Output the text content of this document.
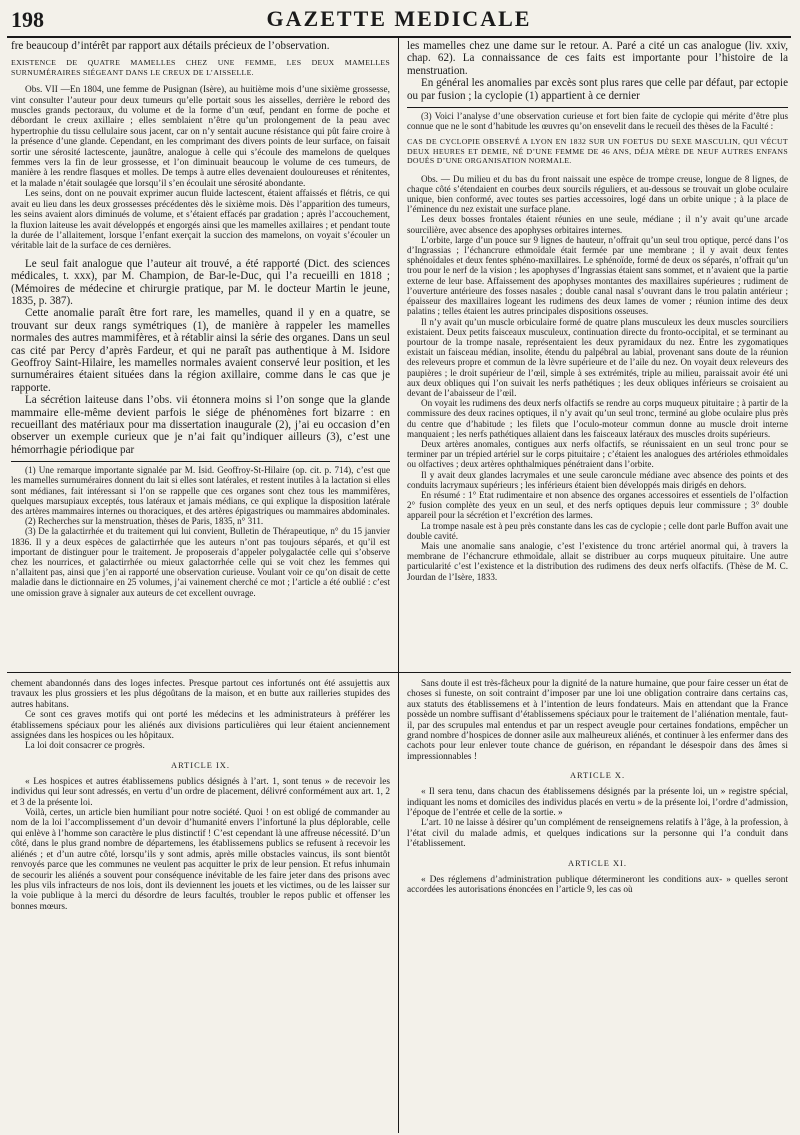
198	GAZETTE MEDICALE

fre beaucoup d’intérêt par rapport aux détails précieux de l’observation.

EXISTENCE DE QUATRE MAMELLES CHEZ UNE FEMME, LES DEUX MAMELLES SURNUMÉRAIRES SIÉGEANT DANS LE CREUX DE L’AISSELLE.

Obs. VII —En 1804, une femme de Pusignan (Isère), au huitième mois d’une sixième grossesse, vint consulter l’auteur pour deux tumeurs qu’elle portait sous les aisselles, derrière le rebord des muscles grands pectoraux, du volume et de la forme d’un œuf, pendant en forme de poche et débordant le creux axillaire ; elles semblaient n’être qu’un prolongement de la peau avec hypertrophie du tissu cellulaire sous jacent, car on n’y sentait aucune résistance qui pût faire croire à la présence d’une glande. Cependant, en les comprimant des divers points de leur surface, on faisait sortir une sérosité lactescente, jaunâtre, analogue à celle qui s’écoule des mamelons de quelques femmes vers la fin de leur grossesse, et l’on diminuait beaucoup le volume de ces tumeurs, de manière à les rendre flasques et molles. De temps à autre elles devenaient douloureuses et rénitentes, et la malade n’était soulagée que lorsqu’il s’en écoulait une sérosité abondante.

Les seins, dont on ne pouvait exprimer aucun fluide lactescent, étaient affaissés et flétris, ce qui avait eu lieu dans les deux grossesses précédentes dès le sixième mois. Dès l’apparition des tumeurs, les seins avaient alors diminués de volume, et s’étaient effacés par gradation ; après l’accouchement, la fluxion laiteuse les avait développés et engorgés ainsi que les mamelles axillaires ; et pendant toute la durée de l’allaitement, lorsque l’enfant exerçait la succion des mamelons, on voyait s’écouler un véritable lait de la surface de ces dernières.

Le seul fait analogue que l’auteur ait trouvé, a été rapporté (Dict. des sciences médicales, t. xxx), par M. Champion, de Bar-le-Duc, qui l’a recueilli en 1818 ; (Mémoires de médecine et chirurgie pratique, par M. le docteur Martin le jeune, 1835, p. 387).

Cette anomalie paraît être fort rare, les mamelles, quand il y en a quatre, se trouvant sur deux rangs symétriques (1), de manière à rappeler les mamelles normales des autres mammifères, et à rétablir ainsi la série des organes. Dans un seul cas cité par Percy d’après Fardeur, et qui ne paraît pas authentique à M. Isidore Geoffroy Saint-Hilaire, les mamelles normales avaient conservé leur position, et les surnuméraires étaient situées dans la région axillaire, comme dans le cas que je rapporte.

La sécrétion laiteuse dans l’obs. vii étonnera moins si l’on songe que la glande mammaire elle-même devient parfois le siége de phénomènes fort bizarre : en recueillant des matériaux pour ma dissertation inaugurale (2), j’ai eu occasion d’en observer un exemple curieux que je n’ai fait qu’indiquer ailleurs (3), c’est une hémorrhagie périodique par

(1) Une remarque importante signalée par M. Isid. Geoffroy-St-Hilaire (op. cit. p. 714), c’est que les mamelles surnuméraires donnent du lait si elles sont latérales, et restent inutiles à la lactation si elles sont médianes, fait intéressant si l’on se rappelle que ces organes sont chez tous les mammifères, quelques marsupiaux exceptés, tous latéraux et jamais médians, ce qui explique la disposition latérale des artères mammaires internes ou thoraciques, et des artères épigastriques ou mammaires abdominales.

(2) Recherches sur la menstruation, thèses de Paris, 1835, n° 311.

(3) De la galactirrhée et du traitement qui lui convient, Bulletin de Thérapeutique, n° du 15 janvier 1836. Il y a deux espèces de galactirrhée que les auteurs n’ont pas toujours séparés, et qu’il est important de distinguer pour le traitement. Je proposerais d’appeler polygalactée celle qui s’observe chez les nourrices, et galactirrhée ou mieux galactorrhée celle qui se voit chez les femmes qui n’allaitent pas, ainsi que j’en ai rapporté une observation curieuse. Voulant voir ce qu’on disait de cette maladie dans le dictionnaire en 25 volumes, j’ai vainement cherché ce mot ; l’article a été oublié : c’est une omission grave à signaler aux auteurs de cet excellent ouvrage.

les mamelles chez une dame sur le retour. A. Paré a cité un cas analogue (liv. xxiv, chap. 62). La connaissance de ces faits est importante pour l’histoire de la menstruation.

En général les anomalies par excès sont plus rares que celle par défaut, par ectopie ou par fusion ; la cyclopie (1) appartient à ce dernier

(3) Voici l’analyse d’une observation curieuse et fort bien faite de cyclopie qui mérite d’être plus connue que ne le sont d’habitude les œuvres qu’on ensevelit dans le recueil des thèses de la Faculté :

CAS DE CYCLOPIE OBSERVÉ A LYON EN 1832 SUR UN FOETUS DU SEXE MASCULIN, QUI VÉCUT DEUX HEURES ET DEMIE, NÉ D’UNE FEMME DE 46 ANS, DÉJA MÈRE DE NEUF AUTRES ENFANS DOUÉS D’UNE ORGANISATION NORMALE.

Obs. — Du milieu et du bas du front naissait une espèce de trompe creuse, longue de 8 lignes, de chaque côté s’étendaient en courbes deux sourcils réguliers, et au-dessous se trouvait un globe oculaire unique, bien conformé, avec toutes ses parties accessoires, logé dans un orbite unique ; à la place de l’éminence du nez existait une surface plane.

Les deux bosses frontales étaient réunies en une seule, médiane ; il n’y avait qu’une arcade sourcilière, avec absence des apophyses orbitaires internes.

L’orbite, large d’un pouce sur 9 lignes de hauteur, n’offrait qu’un seul trou optique, percé dans l’os d’Ingrassias ; l’échancrure ethmoïdale était fermée par une membrane ; il y avait deux fentes sphénoïdales et deux fentes sphéno-maxillaires. Le sphénoïde, formé de deux os séparés, n’offrait qu’un trou pour le nerf de la vision ; les apophyses d’Ingrassias étaient sans sommet, et n’avaient que la partie externe de leur base. Affaissement des apophyses montantes des maxillaires supérieures ; rudiment de l’ouverture antérieure des fosses nasales ; double canal nasal s’ouvrant dans le trou palatin antérieur ; épaisseur des maxillaires logeant les rudimens des deux lames de vomer ; réunion intime des deux palatins ; telles étaient les autres principales dispositions osseuses.

Il n’y avait qu’un muscle orbiculaire formé de quatre plans musculeux les deux muscles sourciliers existaient. Deux petits faisceaux musculeux, continuation directe du fronto-occipital, et se terminant au pourtour de la trompe nasale, représentaient les deux pyramidaux du nez. Entre les zygomatiques existait un faisceau médian, insolite, étendu du palpébral au labial, provenant sans doute de la réunion des releveurs propre et commun de la lèvre supérieure et de l’aile du nez. On voyait deux releveurs des paupières ; le droit supérieur de l’œil, simple à ses extrémités, triple au milieu, paraissait avoir été uni aux deux obliques qui l’on suivait les nerfs pathétiques ; les deux obliques inférieurs se croisaient au devant de l’abaisseur de l’œil.

On voyait les rudimens des deux nerfs olfactifs se rendre au corps muqueux pituitaire ; à partir de la commissure des deux racines optiques, il n’y avait qu’un seul tronc, terminé au globe oculaire plus près du centre que d’habitude ; les filets que l’oculo-moteur commun donne au muscle droit interne manquaient ; les nerfs pathétiques allaient dans les faisceaux latéraux des muscles droits supérieurs.

Deux artères anomales, contigues aux nerfs olfactifs, se réunissaient en un seul tronc pour se terminer par un trépied artériel sur le corps pituitaire ; c’étaient les analogues des artérioles ethmoïdales ou olfactives ; deux artères ophthalmiques pénétraient dans l’orbite.

Il y avait deux glandes lacrymales et une seule caroncule médiane avec absence des points et des conduits lacrymaux supérieurs ; les inférieurs étaient bien développés mais dirigés en dehors.

En résumé : 1° Etat rudimentaire et non absence des organes accessoires et essentiels de l’olfaction 2° fusion complète des yeux en un seul, et des nerfs optiques depuis leur commissure ; 3° double appareil pour la sécrétion et l’excrétion des larmes.

La trompe nasale est à peu près constante dans les cas de cyclopie ; celle dont parle Buffon avait une double cavité.

Mais une anomalie sans analogie, c’est l’existence du tronc artériel anormal qui, à travers la membrane de l’échancrure ethmoïdale, allait se distribuer au corps muqueux pituitaire. Une autre particularité c’est l’existence et la distribution des rudimens des deux nerfs olfactifs. (Thèse de M. C. Jourdan de l’Isère, 1833.

chement abandonnés dans des loges infectes. Presque partout ces infortunés ont été assujettis aux travaux les plus grossiers et les plus dégoûtans de la maison, et en butte aux railleries stupides des autres habitans.

Ce sont ces graves motifs qui ont porté les médecins et les administrateurs à préférer les établissemens spéciaux pour les aliénés aux divisions particulières qui leur étaient anciennement assignées dans les hospices ou les hôpitaux.

La loi doit consacrer ce progrès.

ARTICLE IX.

« Les hospices et autres établissemens publics désignés à l’art. 1, sont tenus » de recevoir les individus qui leur sont adressés, en vertu d’un ordre de placement, délivré conformément aux art. 1, 2 et 3 de la présente loi.

Voilà, certes, un article bien humiliant pour notre société. Quoi ! on est obligé de commander au nom de la loi l’accomplissement d’un devoir d’humanité envers l’infortuné la plus déplorable, celle qui enlève à l’homme son caractère le plus distinctif ! C’est cependant là une affreuse nécessité. D’un côté, dans le plus grand nombre de départemens, les établissemens publics se refusent à recevoir les aliénés ; et d’un autre côté, lorsqu’ils y sont admis, après mille obstacles vaincus, ils sont bientôt renvoyés parce que les communes ne veulent pas acquitter le prix de leur pension. Et refus inhumain de secourir les aliénés a souvent pour conséquence inévitable de les faire jeter dans des prisons avec les plus vils infracteurs de nos lois, dont ils deviennent les jouets et les victimes, ou de les laisser sur la voie publique à la merci du désordre de leurs facultés, troubler le repos public et offenser les bonnes mœurs.

Sans doute il est très-fâcheux pour la dignité de la nature humaine, que pour faire cesser un état de choses si funeste, on soit contraint d’imposer par une loi une obligation contraire dans certains cas, aux statuts des établissemens et à l’intention de leurs fondateurs. Mais en attendant que la France possède un nombre suffisant d’établissemens spéciaux pour le traitement de l’aliénation mentale, faut-il, par des scrupules mal entendus et par un respect aveugle pour certaines fondations, empêcher un grand nombre d’hospices de donner asile aux malheureux aliénés, et continuer à les enfermer dans des cachots pour leur enlever toute chance de guérison, en répandant le désespoir dans des âmes si impressionnables !

ARTICLE X.

« Il sera tenu, dans chacun des établissemens désignés par la présente loi, un » registre spécial, indiquant les noms et domiciles des individus placés en vertu » de la présente loi, l’ordre d’admission, l’époque de l’entrée et celle de la sortie. »

L’art. 10 ne laisse à désirer qu’un complément de renseignemens relatifs à l’âge, à la profession, à l’état civil du malade admis, et quelques indications sur la personne qui l’a conduit dans l’établissement.

ARTICLE XI.

« Des réglemens d’administration publique détermineront les conditions aux- » quelles seront accordées les autorisations énoncées en l’article 9, les cas où
